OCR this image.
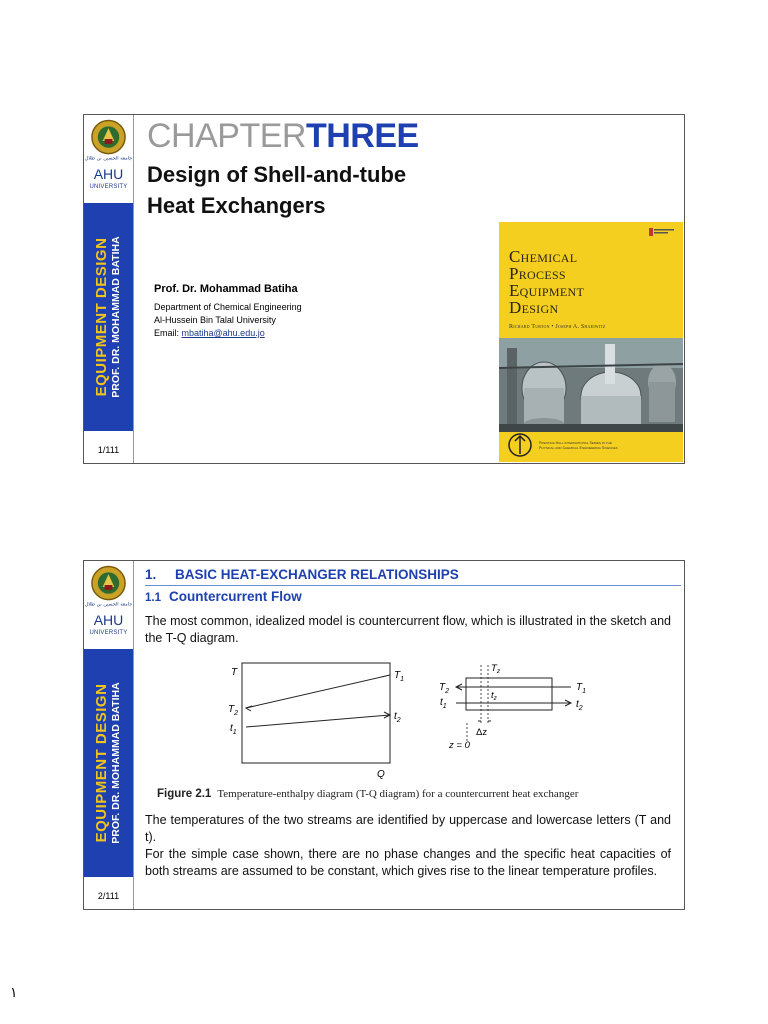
جامعة الحسين بن طلال
AHU
UNIVERSITY
EQUIPMENT DESIGN PROF. DR. MOHAMMAD BATIHA
1/111
CHAPTERTHREE
Design of Shell-and-tube
Heat Exchangers
Prof. Dr. Mohammad Batiha
Department of Chemical Engineering
Al-Hussein Bin Talal University
Email: mbatiha@ahu.edu.jo
Chemical
Process
Equipment
Design
Richard Turton • Joseph A. Shaeiwitz
Prentice Hall International Series in the
Physical and Chemical Engineering Sciences
جامعة الحسين بن طلال
AHU
UNIVERSITY
EQUIPMENT DESIGN PROF. DR. MOHAMMAD BATIHA
2/111
1. BASIC HEAT-EXCHANGER RELATIONSHIPS
1.1 Countercurrent Flow
The most common, idealized model is countercurrent flow, which is illustrated in the sketch and the T-Q diagram.
T
Q
$T_1$
$T_2$	$t_2$
$t_1$
$T_z$
$t_z$
Δz
z = 0
$T_2$
$t_1$
$T_1$
$t_2$
Figure 2.1 Temperature-enthalpy diagram (T-Q diagram) for a countercurrent heat exchanger
The temperatures of the two streams are identified by uppercase and lowercase letters (T and t).
For the simple case shown, there are no phase changes and the specific heat capacities of both streams are assumed to be constant, which gives rise to the linear temperature profiles.
١
